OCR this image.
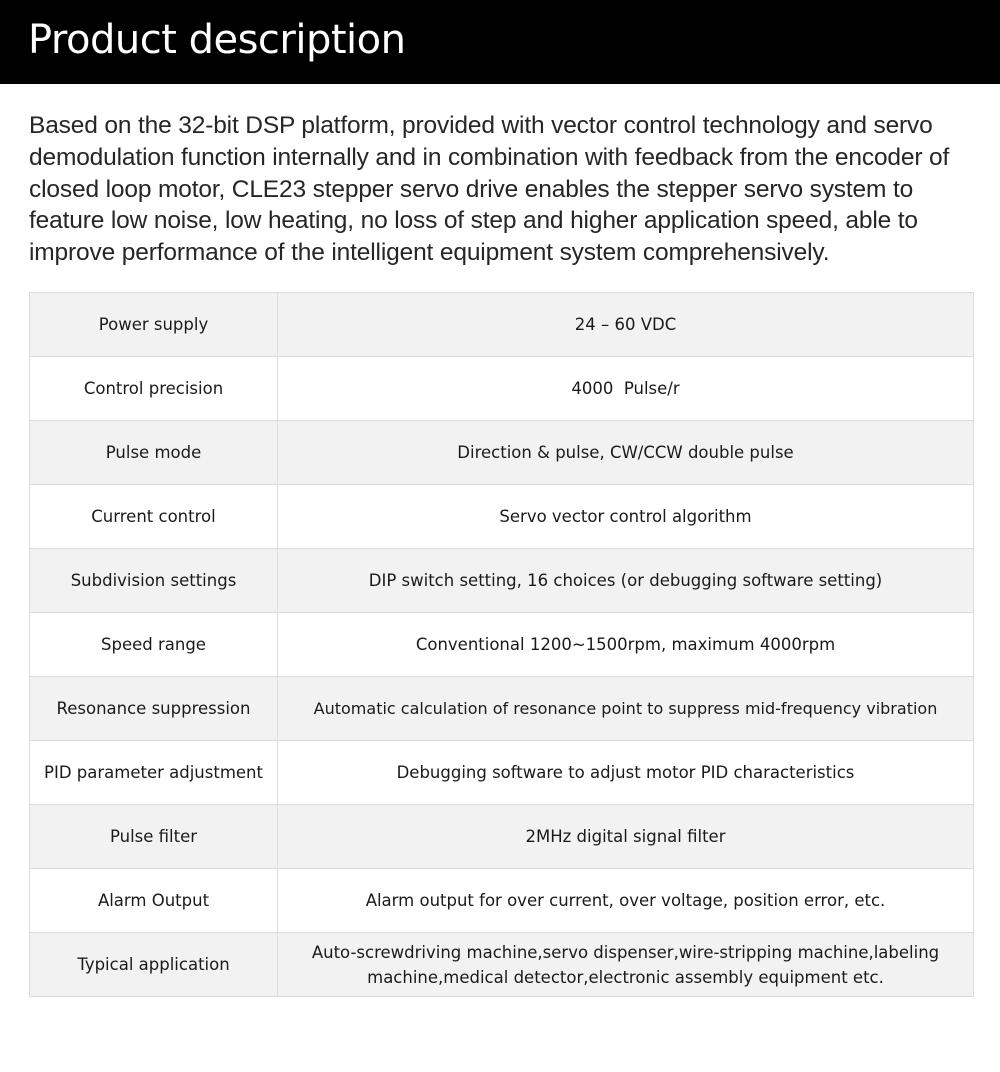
Product description

Based on the 32-bit DSP platform, provided with vector control technology and servo demodulation function internally and in combination with feedback from the encoder of closed loop motor, CLE23 stepper servo drive enables the stepper servo system to feature low noise, low heating, no loss of step and higher application speed, able to improve performance of the intelligent equipment system comprehensively.

Power supply	24 – 60 VDC
Control precision	4000  Pulse/r
Pulse mode	Direction & pulse, CW/CCW double pulse
Current control	Servo vector control algorithm
Subdivision settings	DIP switch setting, 16 choices (or debugging software setting)
Speed range	Conventional 1200~1500rpm, maximum 4000rpm
Resonance suppression	Automatic calculation of resonance point to suppress mid-frequency vibration
PID parameter adjustment	Debugging software to adjust motor PID characteristics
Pulse filter	2MHz digital signal filter
Alarm Output	Alarm output for over current, over voltage, position error, etc.
Typical application	Auto-screwdriving machine,servo dispenser,wire-stripping machine,labeling machine,medical detector,electronic assembly equipment etc.
